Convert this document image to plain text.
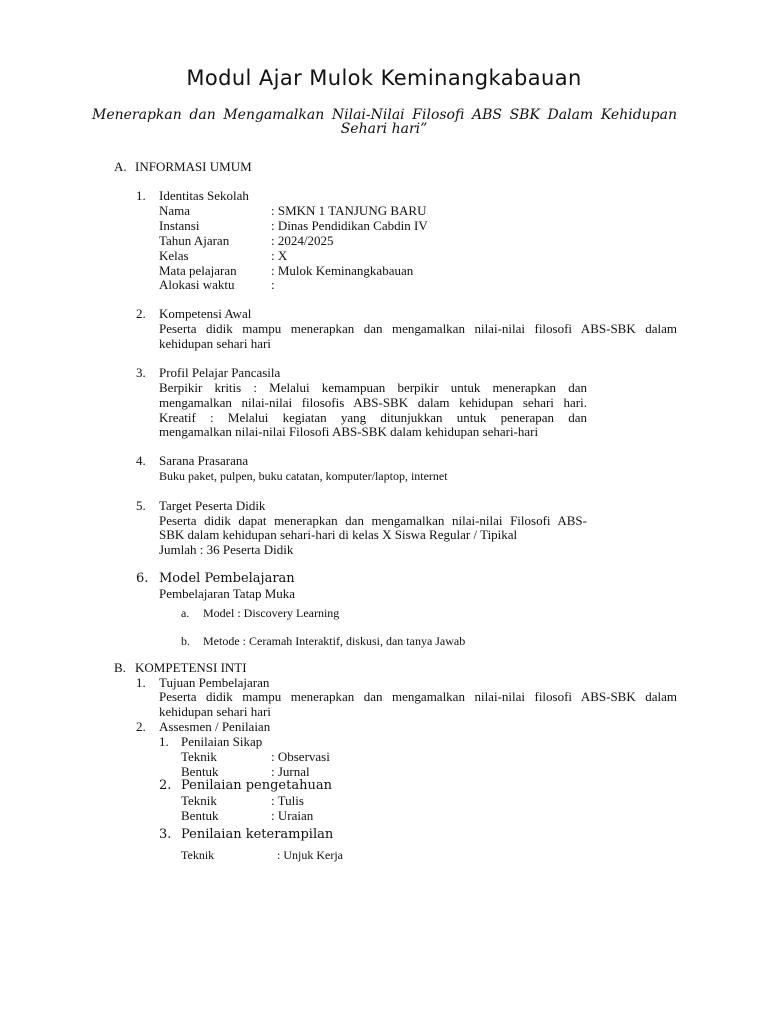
Modul Ajar Mulok Keminangkabauan
Menerapkan dan Mengamalkan Nilai-Nilai Filosofi ABS SBK Dalam Kehidupan
Sehari hari”
A. INFORMASI UMUM
1. Identitas Sekolah
Nama	: SMKN 1 TANJUNG BARU
Instansi	: Dinas Pendidikan Cabdin IV
Tahun Ajaran	: 2024/2025
Kelas	: X
Mata pelajaran	: Mulok Keminangkabauan
Alokasi waktu	:
2. Kompetensi Awal
Peserta didik mampu menerapkan dan mengamalkan nilai-nilai filosofi ABS-SBK dalam
kehidupan sehari hari
3. Profil Pelajar Pancasila
Berpikir kritis : Melalui kemampuan berpikir untuk menerapkan dan
mengamalkan nilai-nilai filosofis ABS-SBK dalam kehidupan sehari hari.
Kreatif : Melalui kegiatan yang ditunjukkan untuk penerapan dan
mengamalkan nilai-nilai Filosofi ABS-SBK dalam kehidupan sehari-hari
4. Sarana Prasarana
Buku paket, pulpen, buku catatan, komputer/laptop, internet
5. Target Peserta Didik
Peserta didik dapat menerapkan dan mengamalkan nilai-nilai Filosofi ABS-
SBK dalam kehidupan sehari-hari di kelas X Siswa Regular / Tipikal
Jumlah : 36 Peserta Didik
6. Model Pembelajaran
Pembelajaran Tatap Muka
a. Model : Discovery Learning
b. Metode : Ceramah Interaktif, diskusi, dan tanya Jawab
B. KOMPETENSI INTI
1. Tujuan Pembelajaran
Peserta didik mampu menerapkan dan mengamalkan nilai-nilai filosofi ABS-SBK dalam
kehidupan sehari hari
2. Assesmen / Penilaian
1. Penilaian Sikap
Teknik	: Observasi
Bentuk	: Jurnal
2. Penilaian pengetahuan
Teknik	: Tulis
Bentuk	: Uraian
3. Penilaian keterampilan
Teknik	: Unjuk Kerja
